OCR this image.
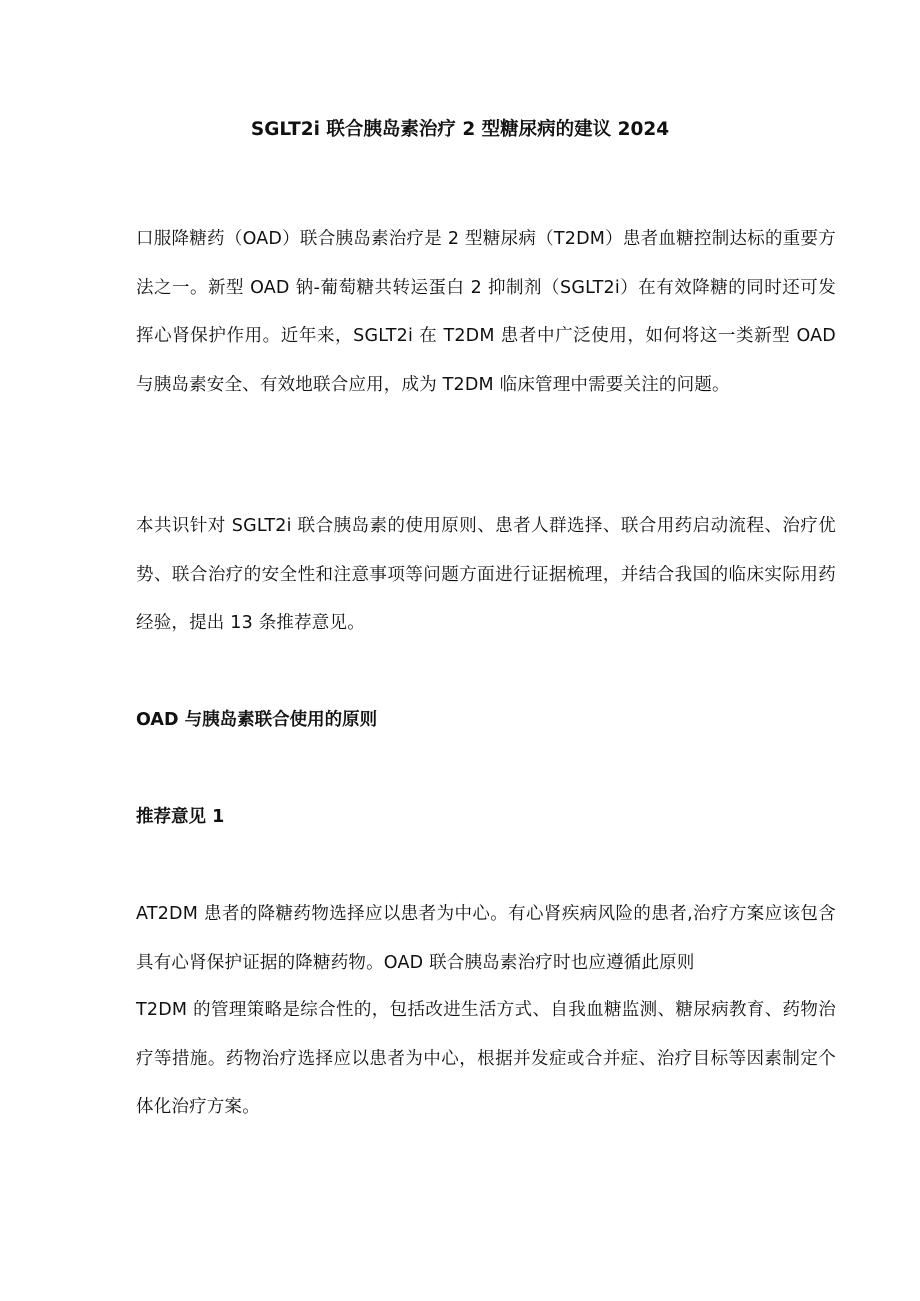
SGLT2i 联合胰岛素治疗 2 型糖尿病的建议 2024

口服降糖药（OAD）联合胰岛素治疗是 2 型糖尿病（T2DM）患者血糖控制达标的重要方法之一。新型 OAD 钠-葡萄糖共转运蛋白 2 抑制剂（SGLT2i）在有效降糖的同时还可发挥心肾保护作用。近年来，SGLT2i 在 T2DM 患者中广泛使用，如何将这一类新型 OAD 与胰岛素安全、有效地联合应用，成为 T2DM 临床管理中需要关注的问题。

本共识针对 SGLT2i 联合胰岛素的使用原则、患者人群选择、联合用药启动流程、治疗优势、联合治疗的安全性和注意事项等问题方面进行证据梳理，并结合我国的临床实际用药经验，提出 13 条推荐意见。

OAD 与胰岛素联合使用的原则
推荐意见 1

AT2DM 患者的降糖药物选择应以患者为中心。有心肾疾病风险的患者,治疗方案应该包含具有心肾保护证据的降糖药物。OAD 联合胰岛素治疗时也应遵循此原则

T2DM 的管理策略是综合性的，包括改进生活方式、自我血糖监测、糖尿病教育、药物治疗等措施。药物治疗选择应以患者为中心，根据并发症或合并症、治疗目标等因素制定个体化治疗方案。
